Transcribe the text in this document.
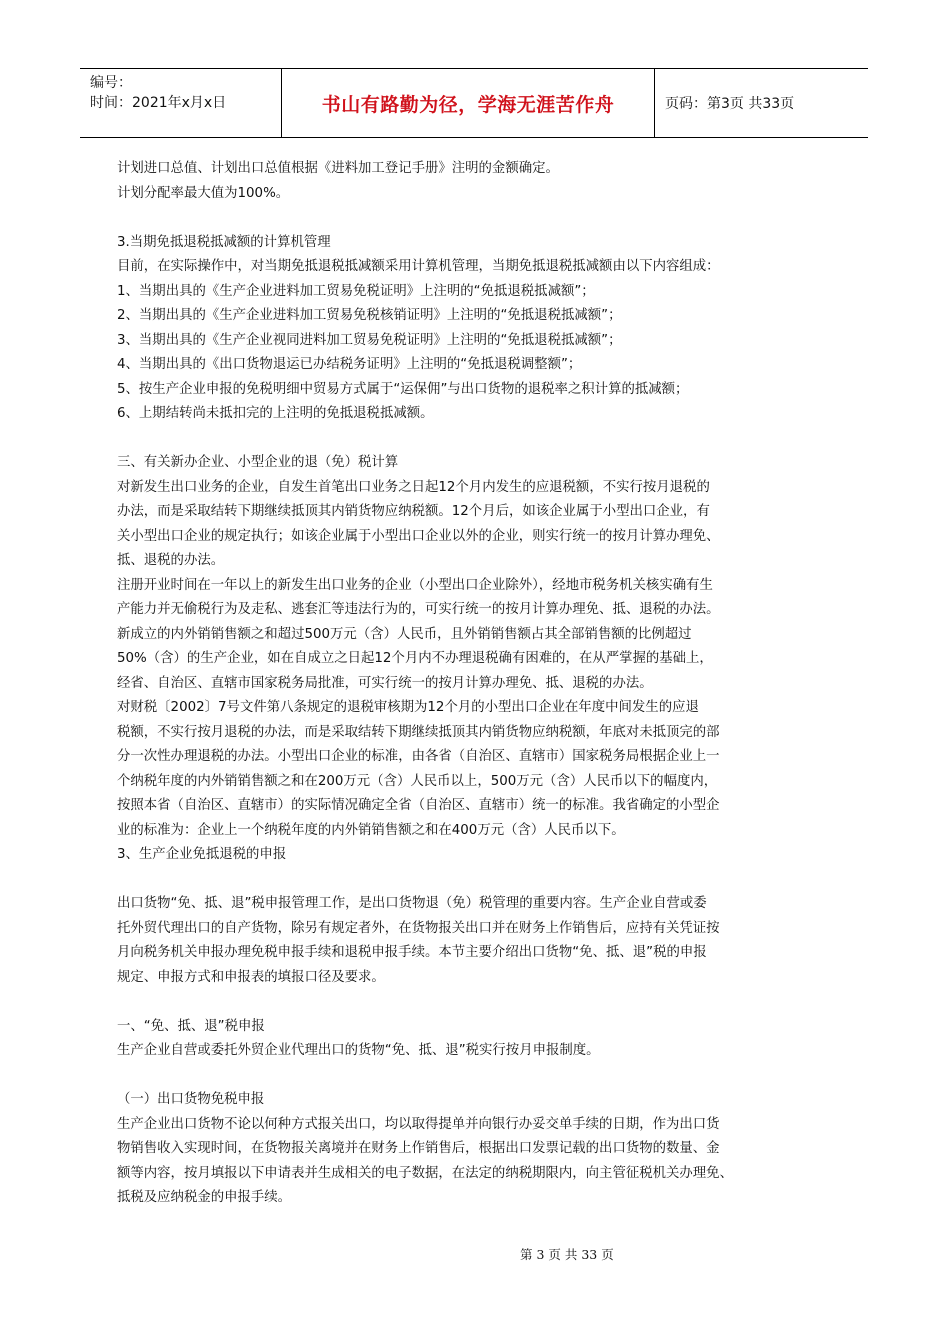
编号：
时间：2021年x月x日	书山有路勤为径，学海无涯苦作舟	页码：第3页 共33页

计划进口总值、计划出口总值根据《进料加工登记手册》注明的金额确定。

计划分配率最大值为100%。

3.当期免抵退税抵减额的计算机管理

目前，在实际操作中，对当期免抵退税抵减额采用计算机管理，当期免抵退税抵减额由以下内容组成：

1、当期出具的《生产企业进料加工贸易免税证明》上注明的“免抵退税抵减额”；

2、当期出具的《生产企业进料加工贸易免税核销证明》上注明的“免抵退税抵减额”；

3、当期出具的《生产企业视同进料加工贸易免税证明》上注明的“免抵退税抵减额”；

4、当期出具的《出口货物退运已办结税务证明》上注明的“免抵退税调整额”；

5、按生产企业申报的免税明细中贸易方式属于“运保佣”与出口货物的退税率之积计算的抵减额；

6、上期结转尚未抵扣完的上注明的免抵退税抵减额。

三、有关新办企业、小型企业的退（免）税计算

对新发生出口业务的企业，自发生首笔出口业务之日起12个月内发生的应退税额，不实行按月退税的

办法，而是采取结转下期继续抵顶其内销货物应纳税额。12个月后，如该企业属于小型出口企业，有

关小型出口企业的规定执行；如该企业属于小型出口企业以外的企业，则实行统一的按月计算办理免、

抵、退税的办法。

注册开业时间在一年以上的新发生出口业务的企业（小型出口企业除外），经地市税务机关核实确有生

产能力并无偷税行为及走私、逃套汇等违法行为的，可实行统一的按月计算办理免、抵、退税的办法。

新成立的内外销销售额之和超过500万元（含）人民币，且外销销售额占其全部销售额的比例超过

50%（含）的生产企业，如在自成立之日起12个月内不办理退税确有困难的，在从严掌握的基础上，

经省、自治区、直辖市国家税务局批准，可实行统一的按月计算办理免、抵、退税的办法。

对财税〔2002〕7号文件第八条规定的退税审核期为12个月的小型出口企业在年度中间发生的应退

税额，不实行按月退税的办法，而是采取结转下期继续抵顶其内销货物应纳税额，年底对未抵顶完的部

分一次性办理退税的办法。小型出口企业的标准，由各省（自治区、直辖市）国家税务局根据企业上一

个纳税年度的内外销销售额之和在200万元（含）人民币以上，500万元（含）人民币以下的幅度内，

按照本省（自治区、直辖市）的实际情况确定全省（自治区、直辖市）统一的标准。我省确定的小型企

业的标准为：企业上一个纳税年度的内外销销售额之和在400万元（含）人民币以下。

3、生产企业免抵退税的申报

出口货物“免、抵、退”税申报管理工作，是出口货物退（免）税管理的重要内容。生产企业自营或委

托外贸代理出口的自产货物，除另有规定者外，在货物报关出口并在财务上作销售后，应持有关凭证按

月向税务机关申报办理免税申报手续和退税申报手续。本节主要介绍出口货物“免、抵、退”税的申报

规定、申报方式和申报表的填报口径及要求。

一、“免、抵、退”税申报

生产企业自营或委托外贸企业代理出口的货物“免、抵、退”税实行按月申报制度。

（一）出口货物免税申报

生产企业出口货物不论以何种方式报关出口，均以取得提单并向银行办妥交单手续的日期，作为出口货

物销售收入实现时间，在货物报关离境并在财务上作销售后，根据出口发票记载的出口货物的数量、金

额等内容，按月填报以下申请表并生成相关的电子数据，在法定的纳税期限内，向主管征税机关办理免、

抵税及应纳税金的申报手续。

第 3 页 共 33 页
